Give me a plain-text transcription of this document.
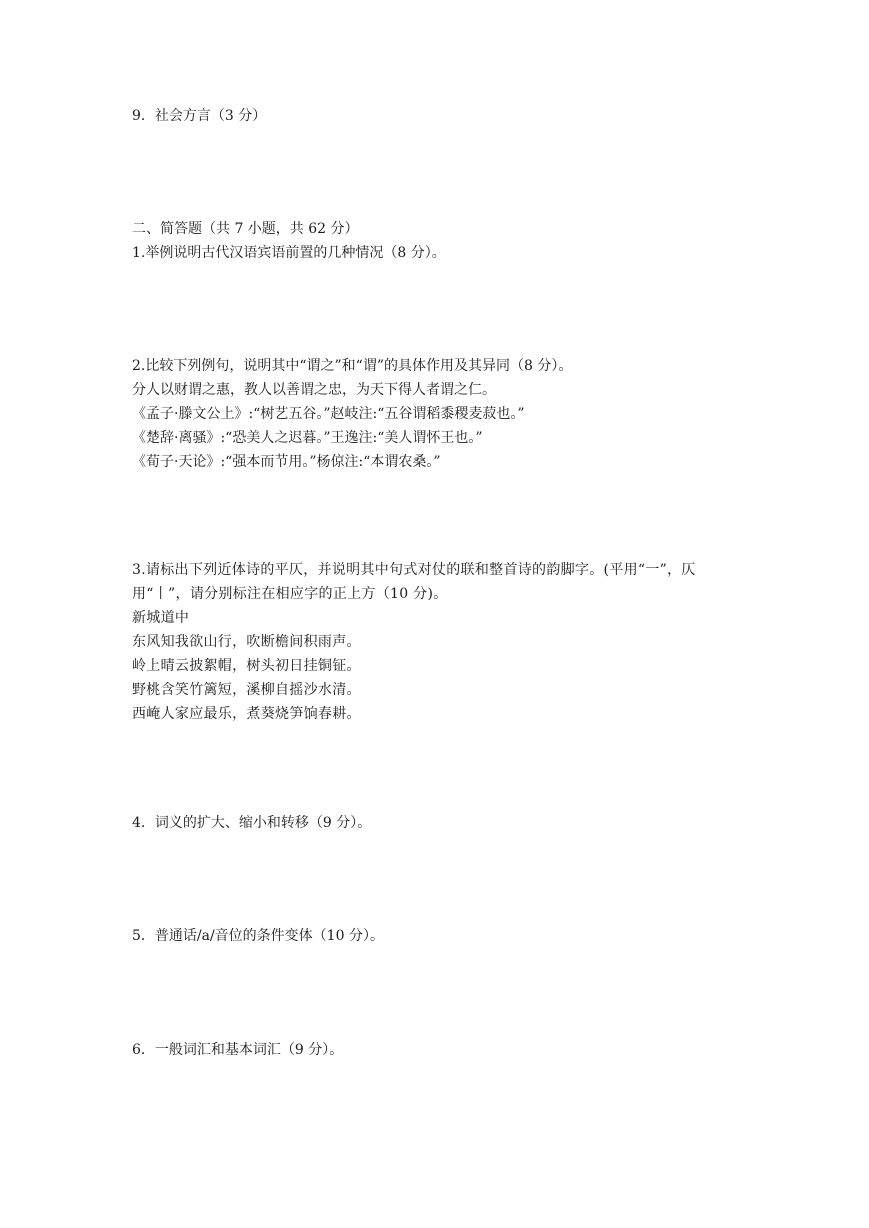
9．社会方言（3 分）
二、简答题（共 7 小题，共 62 分）
1.举例说明古代汉语宾语前置的几种情况（8 分）。
2.比较下列例句，说明其中“谓之”和“谓”的具体作用及其异同（8 分）。
分人以财谓之惠，教人以善谓之忠，为天下得人者谓之仁。
《孟子·滕文公上》:“树艺五谷。”赵岐注:“五谷谓稻黍稷麦菽也。”
《楚辞·离骚》:“恐美人之迟暮。”王逸注:“美人谓怀王也。”
《荀子·天论》:“强本而节用。”杨倞注:“本谓农桑。”
3.请标出下列近体诗的平仄，并说明其中句式对仗的联和整首诗的韵脚字。(平用“一”，仄用“丨”，请分别标注在相应字的正上方（10 分)。
新城道中
东风知我欲山行，吹断檐间积雨声。
岭上晴云披絮帽，树头初日挂铜钲。
野桃含笑竹篱短，溪柳自摇沙水清。
西崦人家应最乐，煮葵烧笋饷春耕。
4．词义的扩大、缩小和转移（9 分）。
5．普通话/a/音位的条件变体（10 分）。
6．一般词汇和基本词汇（9 分）。
